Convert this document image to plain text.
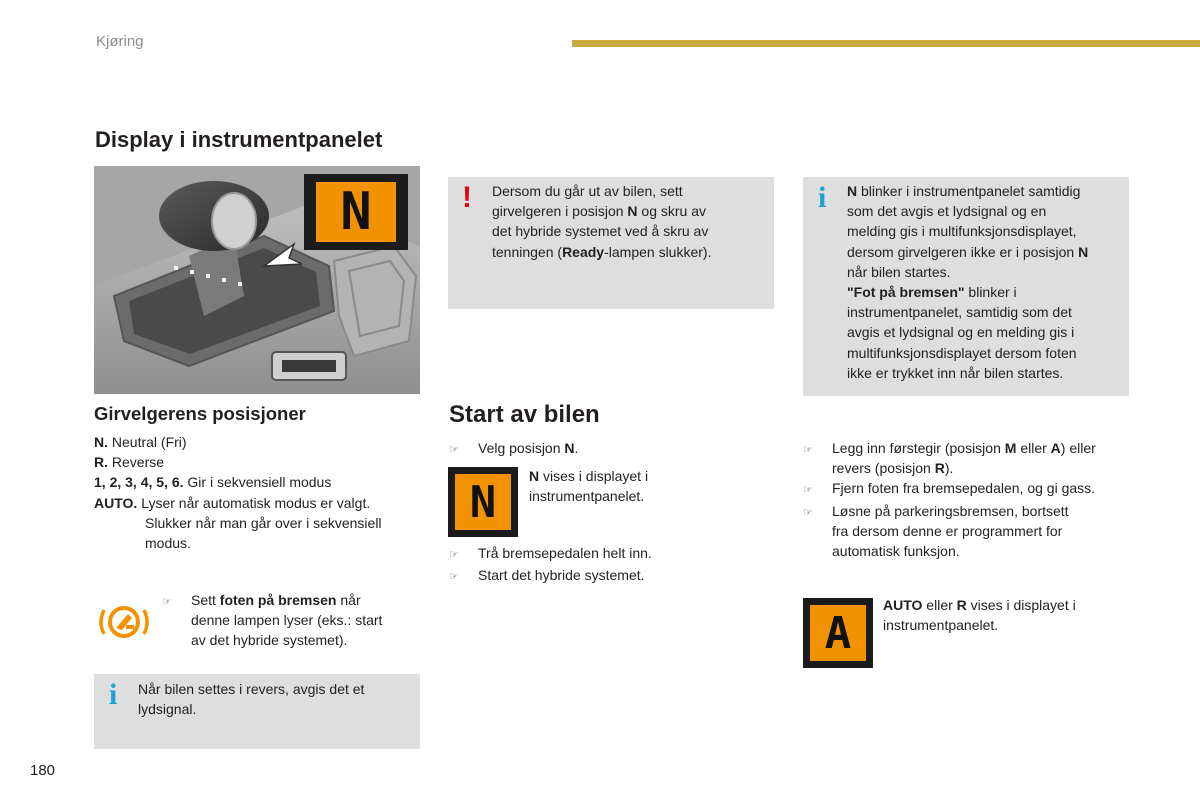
Kjøring
Display i instrumentpanelet
N
Girvelgerens posisjoner
N. Neutral (Fri)
R. Reverse
1, 2, 3, 4, 5, 6. Gir i sekvensiell modus
AUTO. Lyser når automatisk modus er valgt.
Slukker når man går over i sekvensiell
modus.
☞	Sett foten på bremsen når
denne lampen lyser (eks.: start
av det hybride systemet).
i Når bilen settes i revers, avgis det et
lydsignal.
! Dersom du går ut av bilen, sett
girvelgeren i posisjon N og skru av
det hybride systemet ved å skru av
tenningen (Ready-lampen slukker).
i N blinker i instrumentpanelet samtidig
som det avgis et lydsignal og en
melding gis i multifunksjonsdisplayet,
dersom girvelgeren ikke er i posisjon N
når bilen startes.
"Fot på bremsen" blinker i
instrumentpanelet, samtidig som det
avgis et lydsignal og en melding gis i
multifunksjonsdisplayet dersom foten
ikke er trykket inn når bilen startes.
Start av bilen
☞	Velg posisjon N.
N
N vises i displayet i
instrumentpanelet.
☞	Trå bremsepedalen helt inn.
☞	Start det hybride systemet.
☞	Legg inn førstegir (posisjon M eller A) eller
revers (posisjon R).
☞	Fjern foten fra bremsepedalen, og gi gass.
☞	Løsne på parkeringsbremsen, bortsett
fra dersom denne er programmert for
automatisk funksjon.
A
AUTO eller R vises i displayet i
instrumentpanelet.
180
